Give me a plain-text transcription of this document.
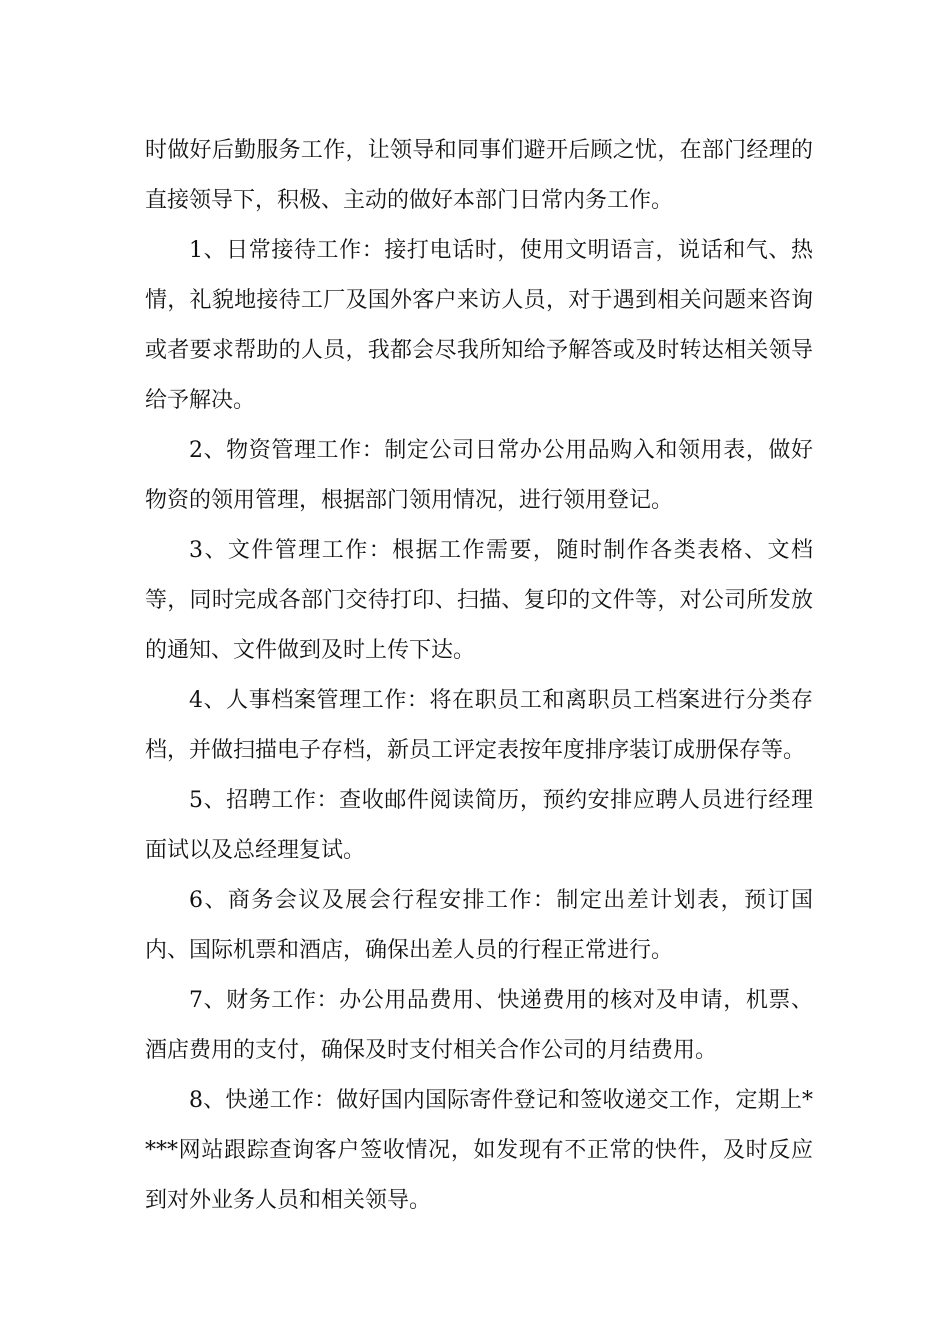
时做好后勤服务工作，让领导和同事们避开后顾之忧，在部门经理的直接领导下，积极、主动的做好本部门日常内务工作。

1、日常接待工作：接打电话时，使用文明语言，说话和气、热情，礼貌地接待工厂及国外客户来访人员，对于遇到相关问题来咨询或者要求帮助的人员，我都会尽我所知给予解答或及时转达相关领导给予解决。

2、物资管理工作：制定公司日常办公用品购入和领用表，做好物资的领用管理，根据部门领用情况，进行领用登记。

3、文件管理工作：根据工作需要，随时制作各类表格、文档等，同时完成各部门交待打印、扫描、复印的文件等，对公司所发放的通知、文件做到及时上传下达。

4、人事档案管理工作：将在职员工和离职员工档案进行分类存档，并做扫描电子存档，新员工评定表按年度排序装订成册保存等。

5、招聘工作：查收邮件阅读简历，预约安排应聘人员进行经理面试以及总经理复试。

6、商务会议及展会行程安排工作：制定出差计划表，预订国内、国际机票和酒店，确保出差人员的行程正常进行。

7、财务工作：办公用品费用、快递费用的核对及申请，机票、酒店费用的支付，确保及时支付相关合作公司的月结费用。

8、快递工作：做好国内国际寄件登记和签收递交工作，定期上****网站跟踪查询客户签收情况，如发现有不正常的快件，及时反应到对外业务人员和相关领导。
